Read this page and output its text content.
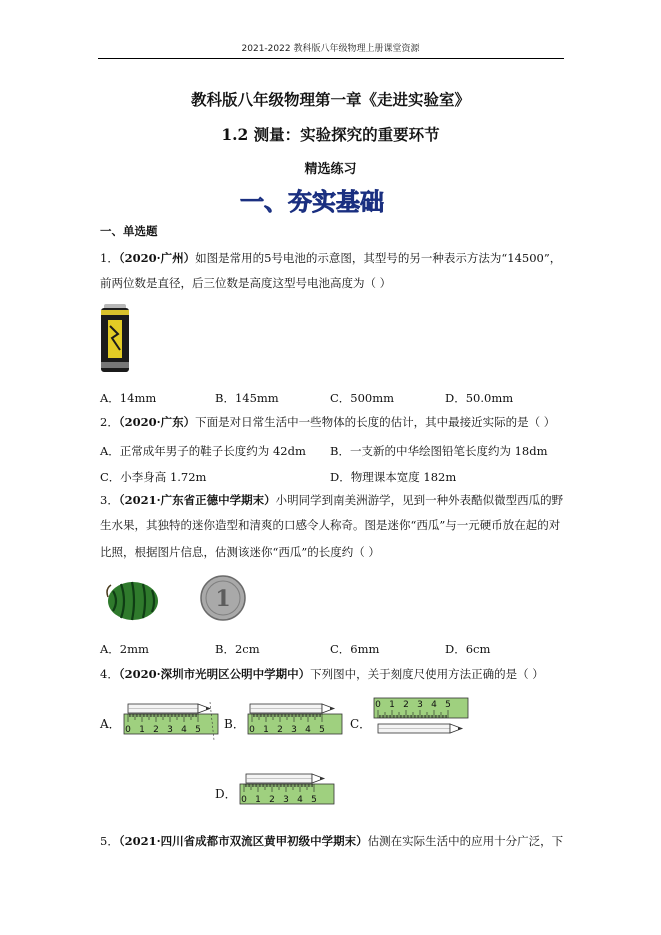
2021-2022 教科版八年级物理上册课堂资源
教科版八年级物理第一章《走进实验室》
1.2 测量：实验探究的重要环节
精选练习
一、夯实基础
一、单选题
1．（2020·广州）如图是常用的5号电池的示意图，其型号的另一种表示方法为“14500”，
前两位数是直径，后三位数是高度这型号电池高度为（ ）
A．14mm	B．145mm	C．500mm	D．50.0mm
2．（2020·广东）下面是对日常生活中一些物体的长度的估计，其中最接近实际的是（ ）
A．正常成年男子的鞋子长度约为 42dm B．一支新的中华绘图铅笔长度约为 18dm
C．小李身高 1.72m	D．物理课本宽度 182m
3．（2021·广东省正德中学期末）小明同学到南美洲游学，见到一种外表酷似微型西瓜的野
生水果，其独特的迷你造型和清爽的口感令人称奇。图是迷你“西瓜”与一元硬币放在起的对
比照，根据图片信息，估测该迷你“西瓜”的长度约（ ）
1
A．2mm	B．2cm	C．6mm	D．6cm
4．（2020·深圳市光明区公明中学期中）下列图中，关于刻度尺使用方法正确的是（ ）
A．	B．	C．
D．
0 1 2 3 4 5	0 1 2 3 4 5
0 1 2 3 4 5
0 1 2 3 4 5
5．（2021·四川省成都市双流区黄甲初级中学期末）估测在实际生活中的应用十分广泛，下
